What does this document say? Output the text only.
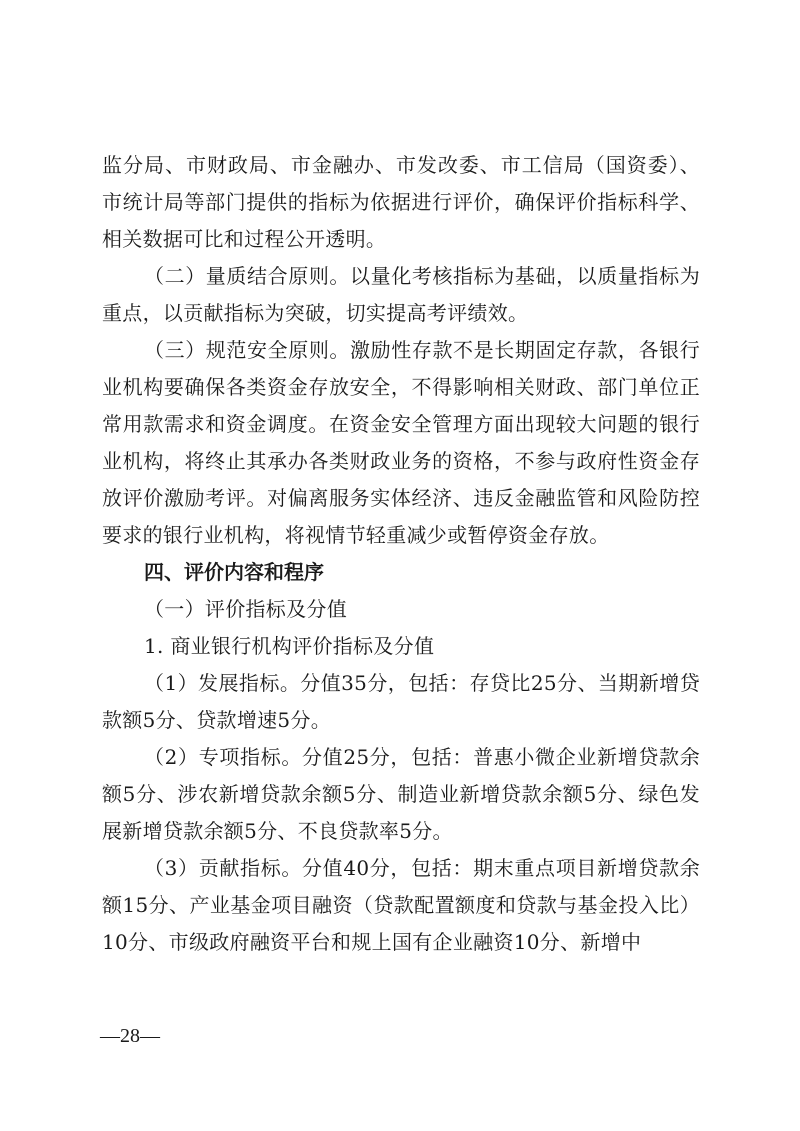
监分局、市财政局、市金融办、市发改委、市工信局（国资委）、市统计局等部门提供的指标为依据进行评价，确保评价指标科学、相关数据可比和过程公开透明。

（二）量质结合原则。以量化考核指标为基础，以质量指标为重点，以贡献指标为突破，切实提高考评绩效。

（三）规范安全原则。激励性存款不是长期固定存款，各银行业机构要确保各类资金存放安全，不得影响相关财政、部门单位正常用款需求和资金调度。在资金安全管理方面出现较大问题的银行业机构，将终止其承办各类财政业务的资格，不参与政府性资金存放评价激励考评。对偏离服务实体经济、违反金融监管和风险防控要求的银行业机构，将视情节轻重减少或暂停资金存放。

四、评价内容和程序

（一）评价指标及分值

1. 商业银行机构评价指标及分值

（1）发展指标。分值35分，包括：存贷比25分、当期新增贷款额5分、贷款增速5分。

（2）专项指标。分值25分，包括：普惠小微企业新增贷款余额5分、涉农新增贷款余额5分、制造业新增贷款余额5分、绿色发展新增贷款余额5分、不良贷款率5分。

（3）贡献指标。分值40分，包括：期末重点项目新增贷款余额15分、产业基金项目融资（贷款配置额度和贷款与基金投入比）10分、市级政府融资平台和规上国有企业融资10分、新增中

—28—
